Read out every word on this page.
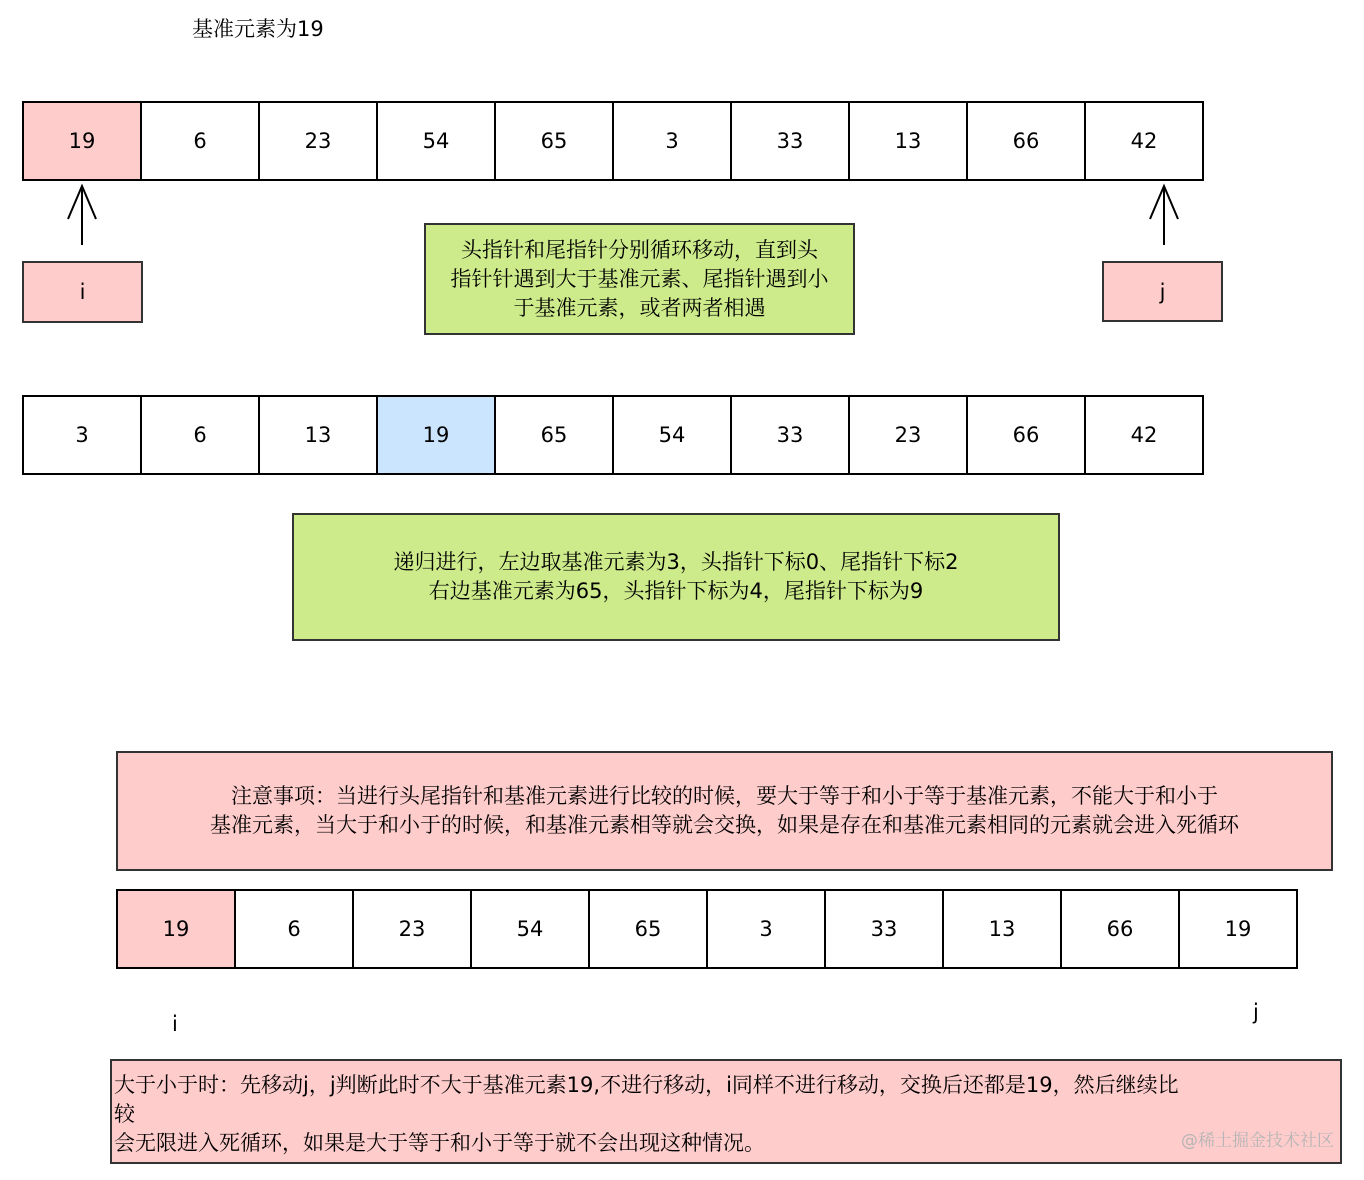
基准元素为19
19	6	23	54	65	3	33	13	66	42
i	j
头指针和尾指针分别循环移动，直到头
指针针遇到大于基准元素、尾指针遇到小
于基准元素，或者两者相遇
3	6	13	19	65	54	33	23	66	42
递归进行，左边取基准元素为3，头指针下标0、尾指针下标2
右边基准元素为65，头指针下标为4，尾指针下标为9
注意事项：当进行头尾指针和基准元素进行比较的时候，要大于等于和小于等于基准元素，不能大于和小于
基准元素，当大于和小于的时候，和基准元素相等就会交换，如果是存在和基准元素相同的元素就会进入死循环
19	6	23	54	65	3	33	13	66	19
i	j
大于小于时：先移动j，j判断此时不大于基准元素19,不进行移动，i同样不进行移动，交换后还都是19，然后继续比
较
会无限进入死循环，如果是大于等于和小于等于就不会出现这种情况。	@稀土掘金技术社区
